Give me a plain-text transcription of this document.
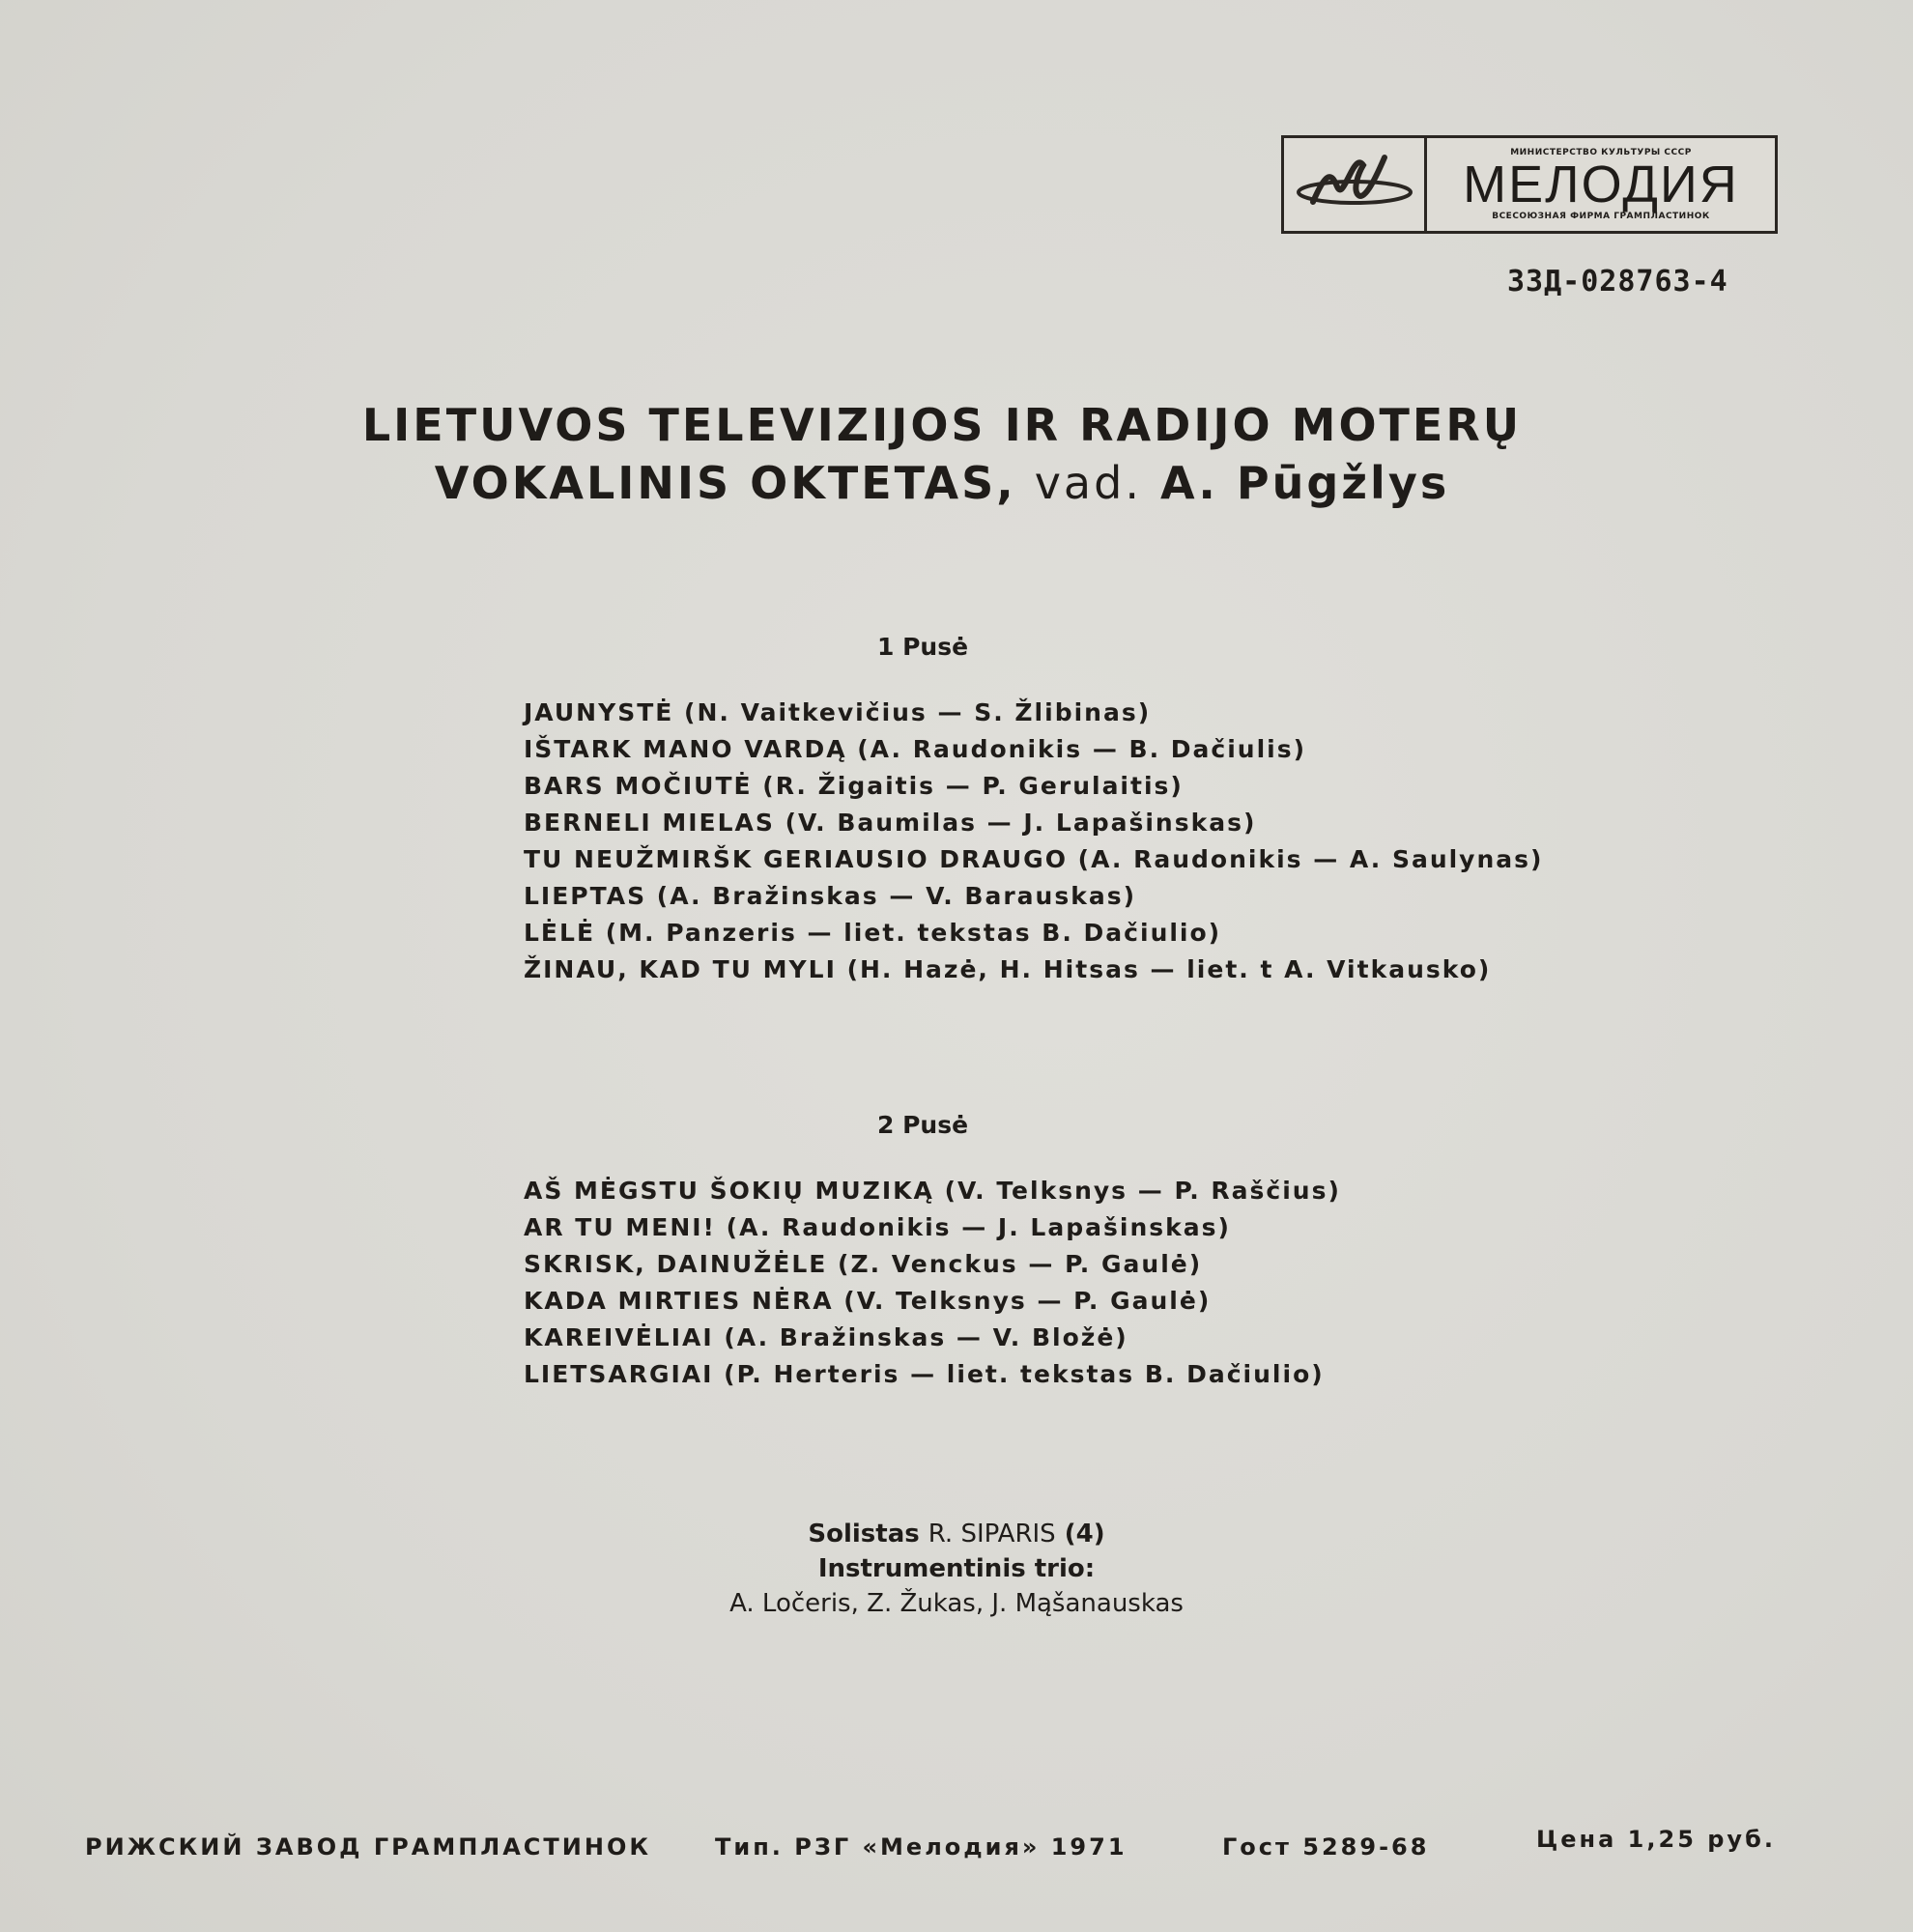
МИНИСТЕРСТВО КУЛЬТУРЫ СССР
МЕЛОДИЯ
ВСЕСОЮЗНАЯ ФИРМА ГРАМПЛАСТИНОК
33Д-028763-4
LIETUVOS TELEVIZIJOS IR RADIJO MOTERŲ
VOKALINIS OKTETAS, vad. A. Pūgžlys
1 Pusė
JAUNYSTĖ (N. Vaitkevičius — S. Žlibinas)
IŠTARK MANO VARDĄ (A. Raudonikis — B. Dačiulis)
BARS MOČIUTĖ (R. Žigaitis — P. Gerulaitis)
BERNELI MIELAS (V. Baumilas — J. Lapašinskas)
TU NEUŽMIRŠK GERIAUSIO DRAUGO (A. Raudonikis — A. Saulynas)
LIEPTAS (A. Bražinskas — V. Barauskas)
LĖLĖ (M. Panzeris — liet. tekstas B. Dačiulio)
ŽINAU, KAD TU MYLI (H. Hazė, H. Hitsas — liet. t A. Vitkausko)
2 Pusė
AŠ MĖGSTU ŠOKIŲ MUZIKĄ (V. Telksnys — P. Raščius)
AR TU MENI! (A. Raudonikis — J. Lapašinskas)
SKRISK, DAINUŽĖLE (Z. Venckus — P. Gaulė)
KADA MIRTIES NĖRA (V. Telksnys — P. Gaulė)
KAREIVĖLIAI (A. Bražinskas — V. Bložė)
LIETSARGIAI (P. Herteris — liet. tekstas B. Dačiulio)
Solistas R. SIPARIS (4)
Instrumentinis trio:
A. Ločeris, Z. Žukas, J. Mąšanauskas
РИЖСКИЙ ЗАВОД ГРАМПЛАСТИНОК	Тип. РЗГ «Мелодия» 1971	Гост 5289-68	Цена 1,25 руб.
